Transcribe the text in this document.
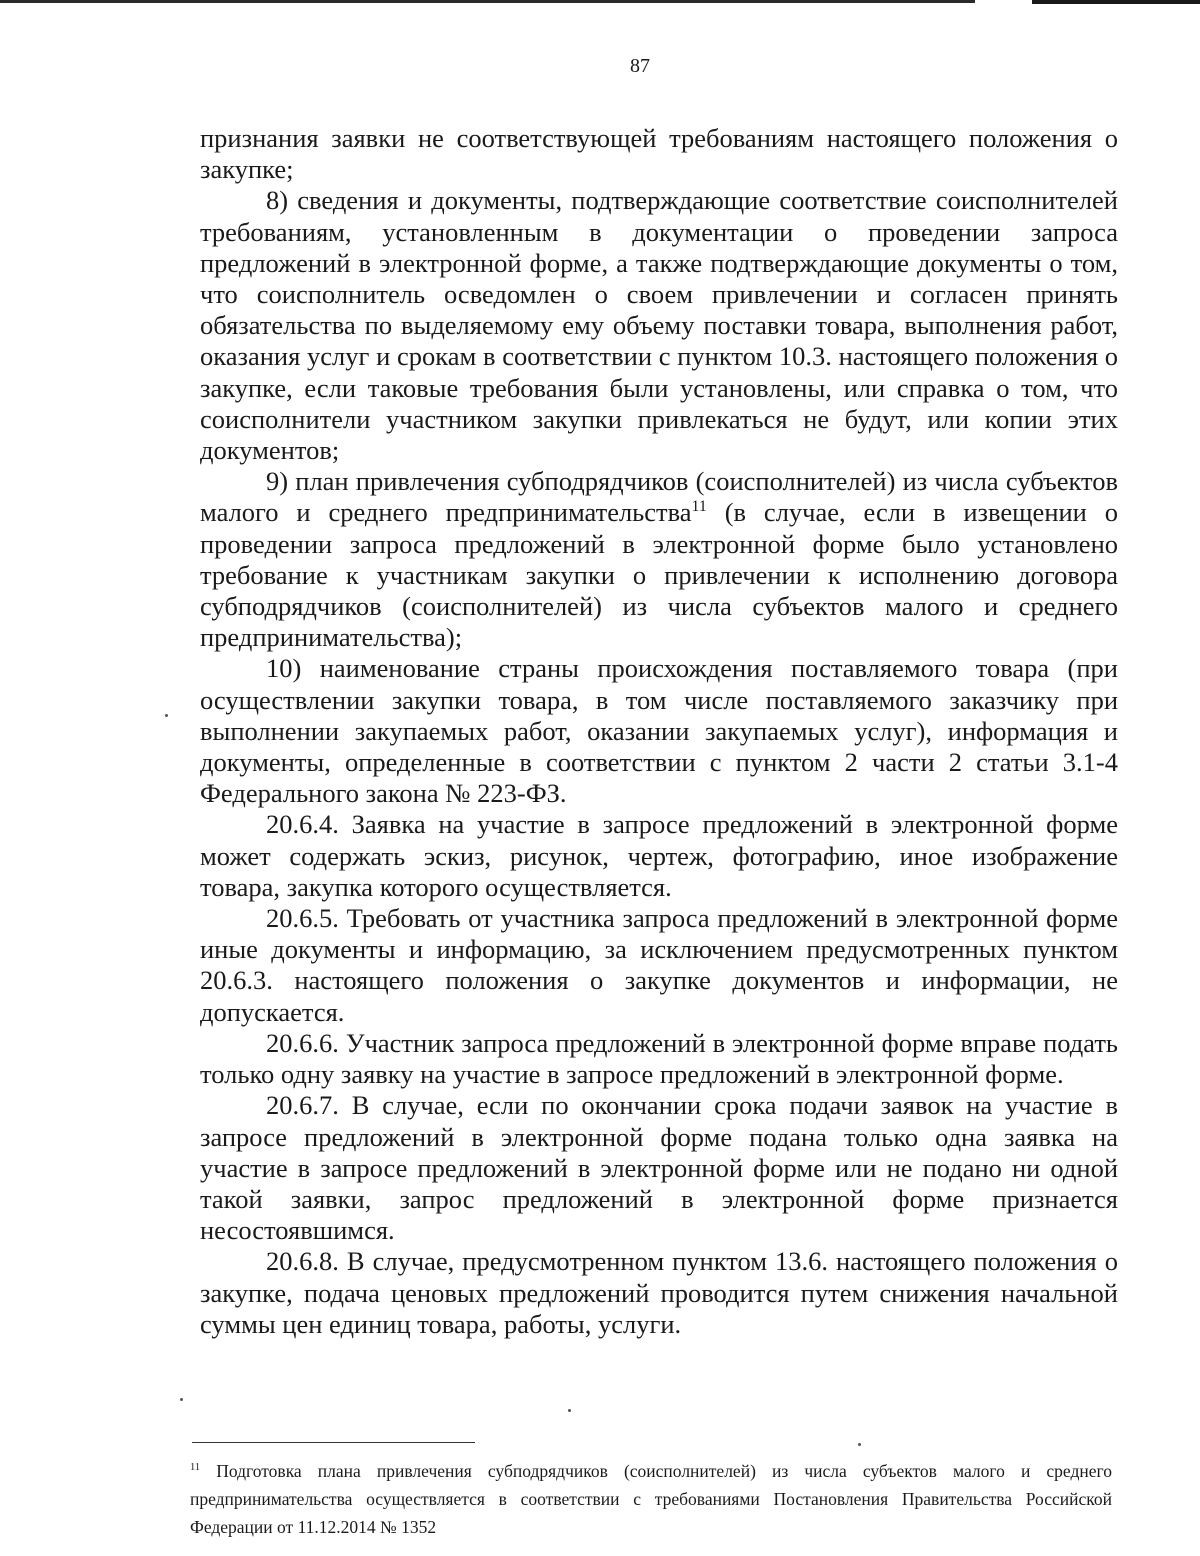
87

признания заявки не соответствующей требованиям настоящего положения о закупке;

8) сведения и документы, подтверждающие соответствие соисполнителей требованиям, установленным в документации о проведении запроса предложений в электронной форме, а также подтверждающие документы о том, что соисполнитель осведомлен о своем привлечении и согласен принять обязательства по выделяемому ему объему поставки товара, выполнения работ, оказания услуг и срокам в соответствии с пунктом 10.3. настоящего положения о закупке, если таковые требования были установлены, или справка о том, что соисполнители участником закупки привлекаться не будут, или копии этих документов;

9) план привлечения субподрядчиков (соисполнителей) из числа субъектов малого и среднего предпринимательства$^{11}$ (в случае, если в извещении о проведении запроса предложений в электронной форме было установлено требование к участникам закупки о привлечении к исполнению договора субподрядчиков (соисполнителей) из числа субъектов малого и среднего предпринимательства);

10) наименование страны происхождения поставляемого товара (при осуществлении закупки товара, в том числе поставляемого заказчику при выполнении закупаемых работ, оказании закупаемых услуг), информация и документы, определенные в соответствии с пунктом 2 части 2 статьи 3.1-4 Федерального закона № 223-ФЗ.

20.6.4. Заявка на участие в запросе предложений в электронной форме может содержать эскиз, рисунок, чертеж, фотографию, иное изображение товара, закупка которого осуществляется.

20.6.5. Требовать от участника запроса предложений в электронной форме иные документы и информацию, за исключением предусмотренных пунктом 20.6.3. настоящего положения о закупке документов и информации, не допускается.

20.6.6. Участник запроса предложений в электронной форме вправе подать только одну заявку на участие в запросе предложений в электронной форме.

20.6.7. В случае, если по окончании срока подачи заявок на участие в запросе предложений в электронной форме подана только одна заявка на участие в запросе предложений в электронной форме или не подано ни одной такой заявки, запрос предложений в электронной форме признается несостоявшимся.

20.6.8. В случае, предусмотренном пунктом 13.6. настоящего положения о закупке, подача ценовых предложений проводится путем снижения начальной суммы цен единиц товара, работы, услуги.

$^{11}$ Подготовка плана привлечения субподрядчиков (соисполнителей) из числа субъектов малого и среднего предпринимательства осуществляется в соответствии с требованиями Постановления Правительства Российской Федерации от 11.12.2014 № 1352
